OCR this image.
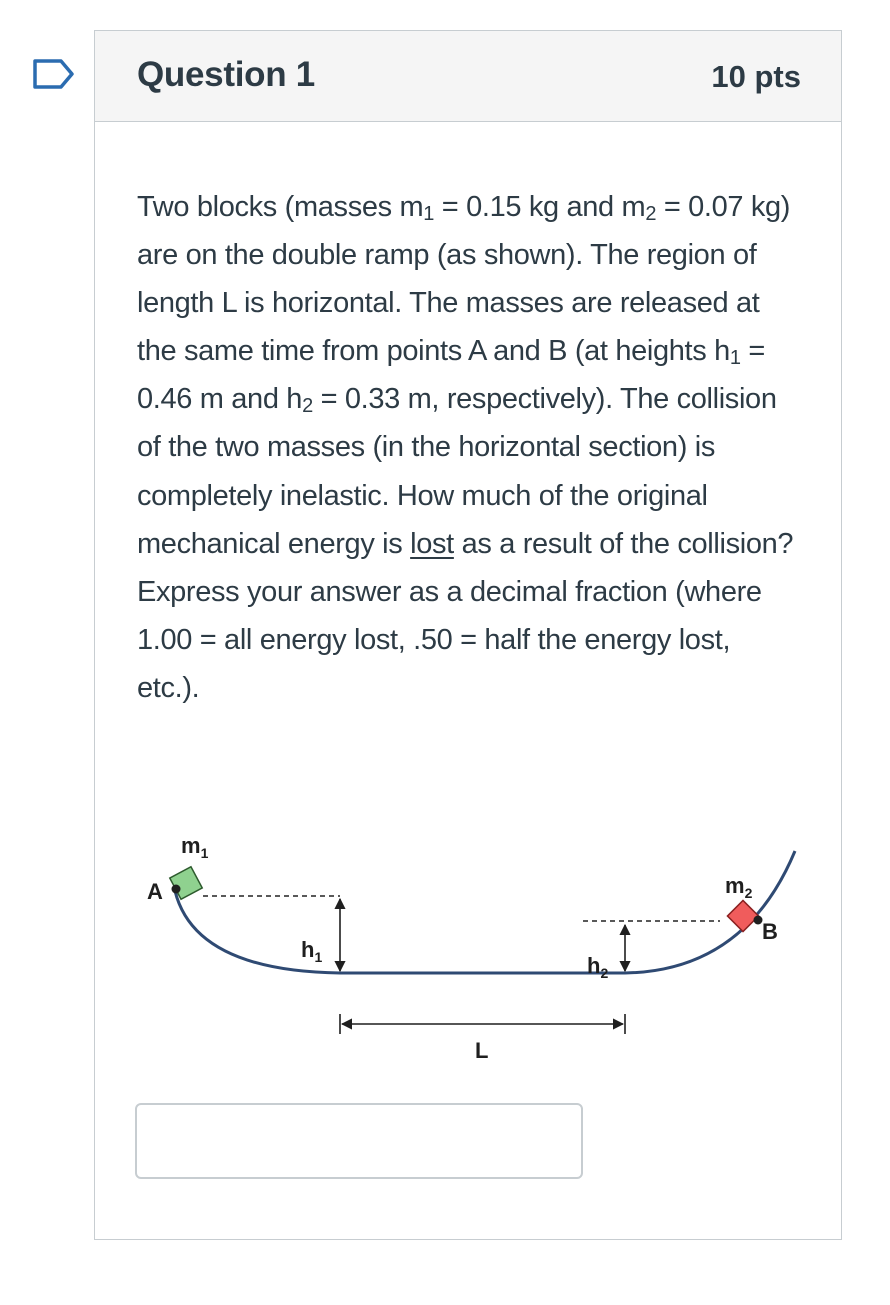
Question 1	10 pts
Two blocks (masses $m_1 = 0.15$ kg and $m_2 = 0.07$ kg) are on the double ramp (as shown). The region of length L is horizontal. The masses are released at the same time from points A and B (at heights $h_1 = 0.46$ m and $h_2 = 0.33$ m, respectively). The collision of the two masses (in the horizontal section) is completely inelastic. How much of the original mechanical energy is lost as a result of the collision? Express your answer as a decimal fraction (where 1.00 = all energy lost, .50 = half the energy lost, etc.).
$m_1$
A
$h_1$	$h_2$
$m_2$
B
L
